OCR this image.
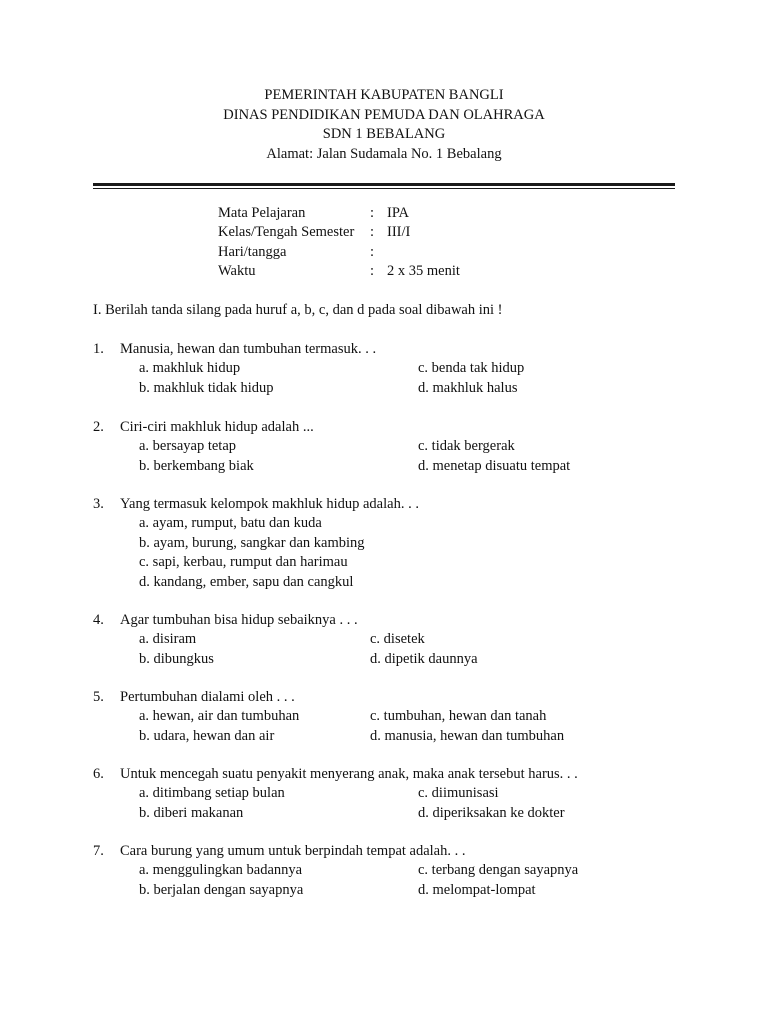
PEMERINTAH KABUPATEN BANGLI
DINAS PENDIDIKAN PEMUDA DAN OLAHRAGA
SDN 1 BEBALANG
Alamat: Jalan Sudamala No. 1 Bebalang
Mata Pelajaran	: IPA
Kelas/Tengah Semester : III/I
Hari/tangga	:
Waktu	: 2 x 35 menit
I. Berilah tanda silang pada huruf a, b, c, dan d pada soal dibawah ini !
1. Manusia, hewan dan tumbuhan termasuk. . .
a. makhluk hidup	c. benda tak hidup
b. makhluk tidak hidup	d. makhluk halus
2. Ciri-ciri makhluk hidup adalah ...
a. bersayap tetap	c. tidak bergerak
b. berkembang biak	d. menetap disuatu tempat
3. Yang termasuk kelompok makhluk hidup adalah. . .
a. ayam, rumput, batu dan kuda
b. ayam, burung, sangkar dan kambing
c. sapi, kerbau, rumput dan harimau
d. kandang, ember, sapu dan cangkul
4. Agar tumbuhan bisa hidup sebaiknya . . .
a. disiram	c. disetek
b. dibungkus	d. dipetik daunnya
5. Pertumbuhan dialami oleh . . .
a. hewan, air dan tumbuhan	c. tumbuhan, hewan dan tanah
b. udara, hewan dan air	d. manusia, hewan dan tumbuhan
6. Untuk mencegah suatu penyakit menyerang anak, maka anak tersebut harus. . .
a. ditimbang setiap bulan	c. diimunisasi
b. diberi makanan	d. diperiksakan ke dokter
7. Cara burung yang umum untuk berpindah tempat adalah. . .
a. menggulingkan badannya	c. terbang dengan sayapnya
b. berjalan dengan sayapnya	d. melompat-lompat
